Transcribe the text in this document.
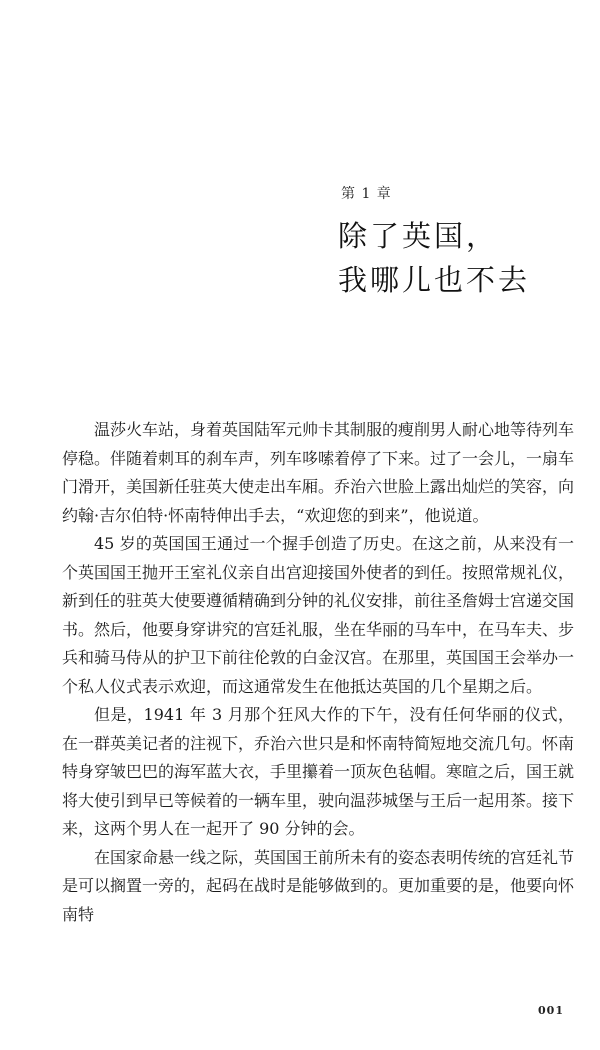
第 1 章
除了英国，
我哪儿也不去

温莎火车站，身着英国陆军元帅卡其制服的瘦削男人耐心地等待列车停稳。伴随着刺耳的刹车声，列车哆嗦着停了下来。过了一会儿，一扇车门滑开，美国新任驻英大使走出车厢。乔治六世脸上露出灿烂的笑容，向约翰·吉尔伯特·怀南特伸出手去，“欢迎您的到来”，他说道。

45 岁的英国国王通过一个握手创造了历史。在这之前，从来没有一个英国国王抛开王室礼仪亲自出宫迎接国外使者的到任。按照常规礼仪，新到任的驻英大使要遵循精确到分钟的礼仪安排，前往圣詹姆士宫递交国书。然后，他要身穿讲究的宫廷礼服，坐在华丽的马车中，在马车夫、步兵和骑马侍从的护卫下前往伦敦的白金汉宫。在那里，英国国王会举办一个私人仪式表示欢迎，而这通常发生在他抵达英国的几个星期之后。

但是，1941 年 3 月那个狂风大作的下午，没有任何华丽的仪式，在一群英美记者的注视下，乔治六世只是和怀南特简短地交流几句。怀南特身穿皱巴巴的海军蓝大衣，手里攥着一顶灰色毡帽。寒暄之后，国王就将大使引到早已等候着的一辆车里，驶向温莎城堡与王后一起用茶。接下来，这两个男人在一起开了 90 分钟的会。

在国家命悬一线之际，英国国王前所未有的姿态表明传统的宫廷礼节是可以搁置一旁的，起码在战时是能够做到的。更加重要的是，他要向怀南特

001
